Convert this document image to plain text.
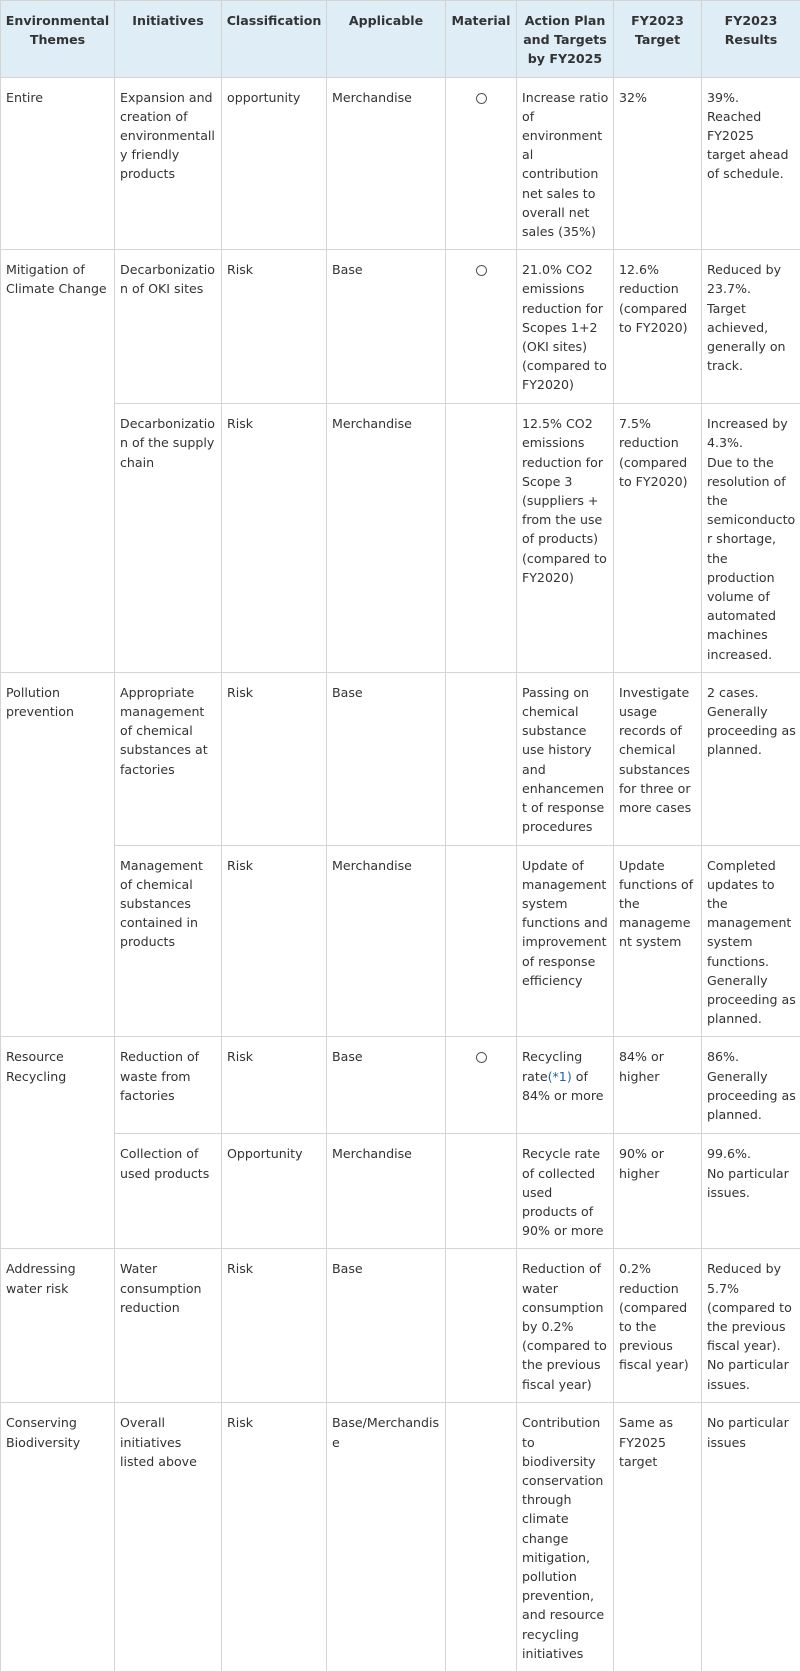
Environmental Themes	Initiatives	Classification	Applicable	Material	Action Plan and Targets by FY2025	FY2023 Target	FY2023 Results
Entire	Expansion and creation of environmentally friendly products	opportunity	Merchandise		Increase ratio of environmental contribution net sales to overall net sales (35%)	32%	39%.
Reached FY2025 target ahead of schedule.

Mitigation of Climate Change	Decarbonization of OKI sites	Risk	Base		21.0% CO2 emissions reduction for Scopes 1+2 (OKI sites) (compared to FY2020)	12.6% reduction (compared to FY2020)	Reduced by 23.7%.
Target achieved, generally on track.

	Decarbonization of the supply chain	Risk	Merchandise		12.5% CO2 emissions reduction for Scope 3 (suppliers + from the use of products) (compared to FY2020)	7.5% reduction (compared to FY2020)	Increased by 4.3%.
Due to the resolution of the semiconductor shortage, the production volume of automated machines increased.

Pollution prevention	Appropriate management of chemical substances at factories	Risk	Base		Passing on chemical substance use history and enhancement of response procedures	Investigate usage records of chemical substances for three or more cases	2 cases.
Generally proceeding as planned.

	Management of chemical substances contained in products	Risk	Merchandise		Update of management system functions and improvement of response efficiency	Update functions of the management system	Completed updates to the management system functions.
Generally proceeding as planned.

Resource Recycling	Reduction of waste from factories	Risk	Base		Recycling rate(*1) of 84% or more	84% or higher	86%.
Generally proceeding as planned.

	Collection of used products	Opportunity	Merchandise		Recycle rate of collected used products of 90% or more	90% or higher	99.6%.
No particular issues.

Addressing water risk	Water consumption reduction	Risk	Base		Reduction of water consumption by 0.2% (compared to the previous fiscal year)	0.2% reduction (compared to the previous fiscal year)	Reduced by 5.7% (compared to the previous fiscal year). No particular issues.

Conserving Biodiversity	Overall initiatives listed above	Risk	Base/Merchandise		Contribution to biodiversity conservation through climate change mitigation, pollution prevention, and resource recycling initiatives	Same as FY2025 target	No particular issues
